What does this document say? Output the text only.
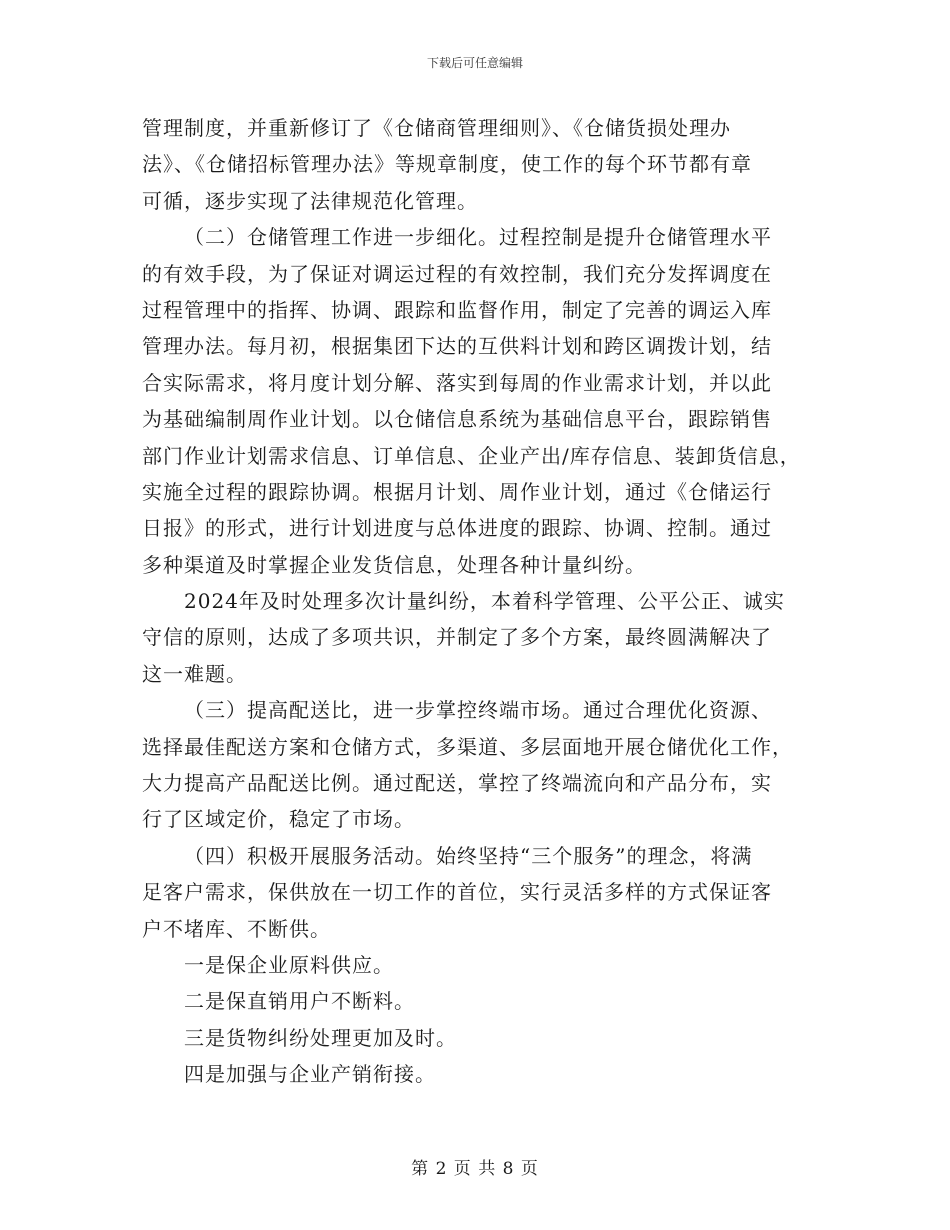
下载后可任意编辑
管理制度，并重新修订了《仓储商管理细则》、《仓储货损处理办
法》、《仓储招标管理办法》等规章制度，使工作的每个环节都有章
可循，逐步实现了法律规范化管理。
（二）仓储管理工作进一步细化。过程控制是提升仓储管理水平
的有效手段，为了保证对调运过程的有效控制，我们充分发挥调度在
过程管理中的指挥、协调、跟踪和监督作用，制定了完善的调运入库
管理办法。每月初，根据集团下达的互供料计划和跨区调拨计划，结
合实际需求，将月度计划分解、落实到每周的作业需求计划，并以此
为基础编制周作业计划。以仓储信息系统为基础信息平台，跟踪销售
部门作业计划需求信息、订单信息、企业产出/库存信息、装卸货信息，
实施全过程的跟踪协调。根据月计划、周作业计划，通过《仓储运行
日报》的形式，进行计划进度与总体进度的跟踪、协调、控制。通过
多种渠道及时掌握企业发货信息，处理各种计量纠纷。
2024年及时处理多次计量纠纷，本着科学管理、公平公正、诚实
守信的原则，达成了多项共识，并制定了多个方案，最终圆满解决了
这一难题。
（三）提高配送比，进一步掌控终端市场。通过合理优化资源、
选择最佳配送方案和仓储方式，多渠道、多层面地开展仓储优化工作，
大力提高产品配送比例。通过配送，掌控了终端流向和产品分布，实
行了区域定价，稳定了市场。
（四）积极开展服务活动。始终坚持“三个服务”的理念，将满
足客户需求，保供放在一切工作的首位，实行灵活多样的方式保证客
户不堵库、不断供。
一是保企业原料供应。
二是保直销用户不断料。
三是货物纠纷处理更加及时。
四是加强与企业产销衔接。
第 2 页 共 8 页
